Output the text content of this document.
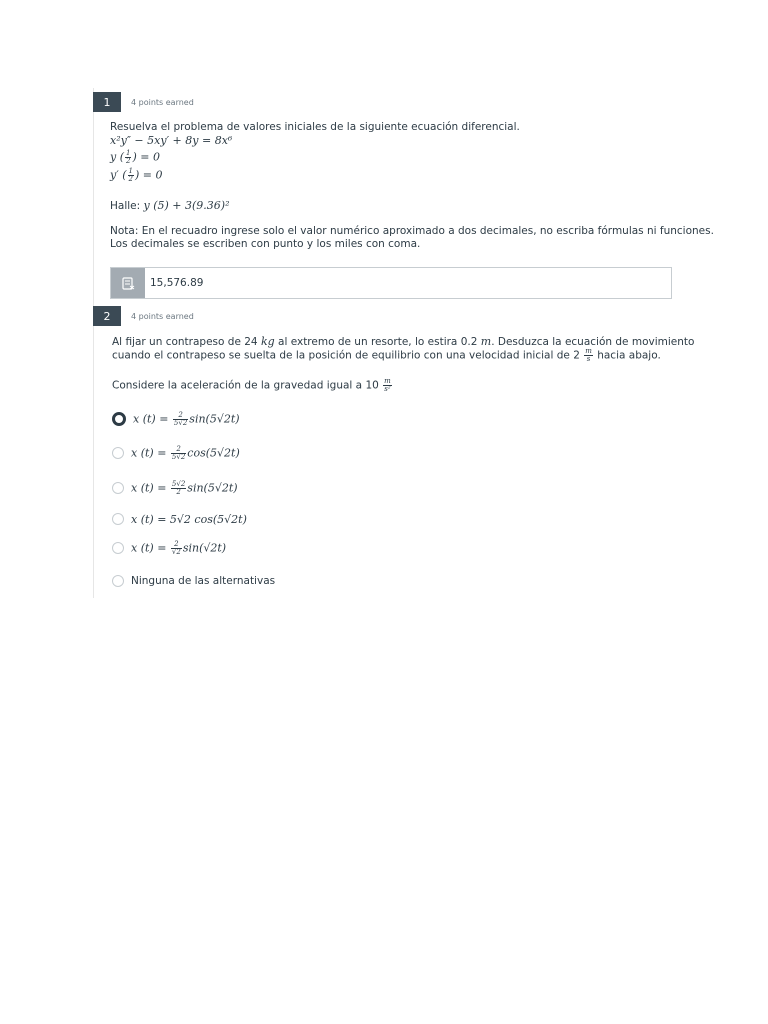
1	4 points earned
Resuelva el problema de valores iniciales de la siguiente ecuación diferencial.
x²y″ − 5xy′ + 8y = 8x⁶
y ( $\frac{1}{2}$ ) = 0
y′ ( $\frac{1}{2}$ ) = 0
Halle: y (5) + 3(9.36)²
Nota: En el recuadro ingrese solo el valor numérico aproximado a dos decimales, no escriba fórmulas ni funciones.
Los decimales se escriben con punto y los miles con coma.
15,576.89
2	4 points earned
Al fijar un contrapeso de 24 kg al extremo de un resorte, lo estira 0.2 m. Desduzca la ecuación de movimiento
cuando el contrapeso se suelta de la posición de equilibrio con una velocidad inicial de $2 \frac{m}{s}$ hacia abajo.
Considere la aceleración de la gravedad igual a $10 \frac{m}{\text{s²}}$
x $(t) = \frac{2}{5√2} \sin(5√2t)$
x $(t) = \frac{2}{5√2} \cos(5√2t)$
x $(t) = \frac{5√2}{2} \sin(5√2t)$
x (t) = 5√2 cos(5√2t)
x $(t) = \frac{2}{√2} \sin(√2t)$
Ninguna de las alternativas
